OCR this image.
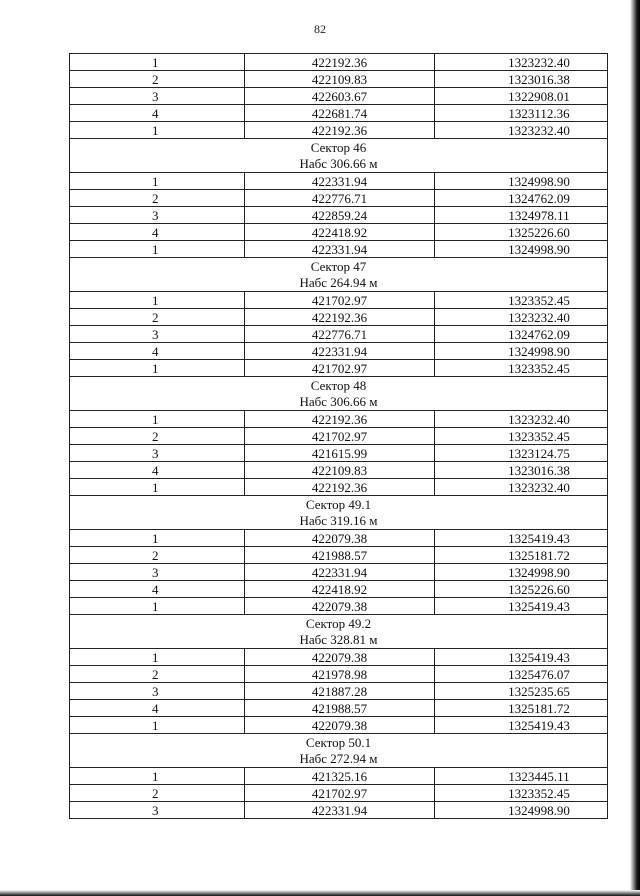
82
1	422192.36	1323232.40
2	422109.83	1323016.38
3	422603.67	1322908.01
4	422681.74	1323112.36
1	422192.36	1323232.40

Сектор 46
Набс 306.66 м		

1	422331.94	1324998.90
2	422776.71	1324762.09
3	422859.24	1324978.11
4	422418.92	1325226.60
1	422331.94	1324998.90

Сектор 47
Набс 264.94 м		

1	421702.97	1323352.45
2	422192.36	1323232.40
3	422776.71	1324762.09
4	422331.94	1324998.90
1	421702.97	1323352.45

Сектор 48
Набс 306.66 м		

1	422192.36	1323232.40
2	421702.97	1323352.45
3	421615.99	1323124.75
4	422109.83	1323016.38
1	422192.36	1323232.40

Сектор 49.1
Набс 319.16 м		

1	422079.38	1325419.43
2	421988.57	1325181.72
3	422331.94	1324998.90
4	422418.92	1325226.60
1	422079.38	1325419.43

Сектор 49.2
Набс 328.81 м		

1	422079.38	1325419.43
2	421978.98	1325476.07
3	421887.28	1325235.65
4	421988.57	1325181.72
1	422079.38	1325419.43

Сектор 50.1
Набс 272.94 м		

1	421325.16	1323445.11
2	421702.97	1323352.45
3	422331.94	1324998.90
